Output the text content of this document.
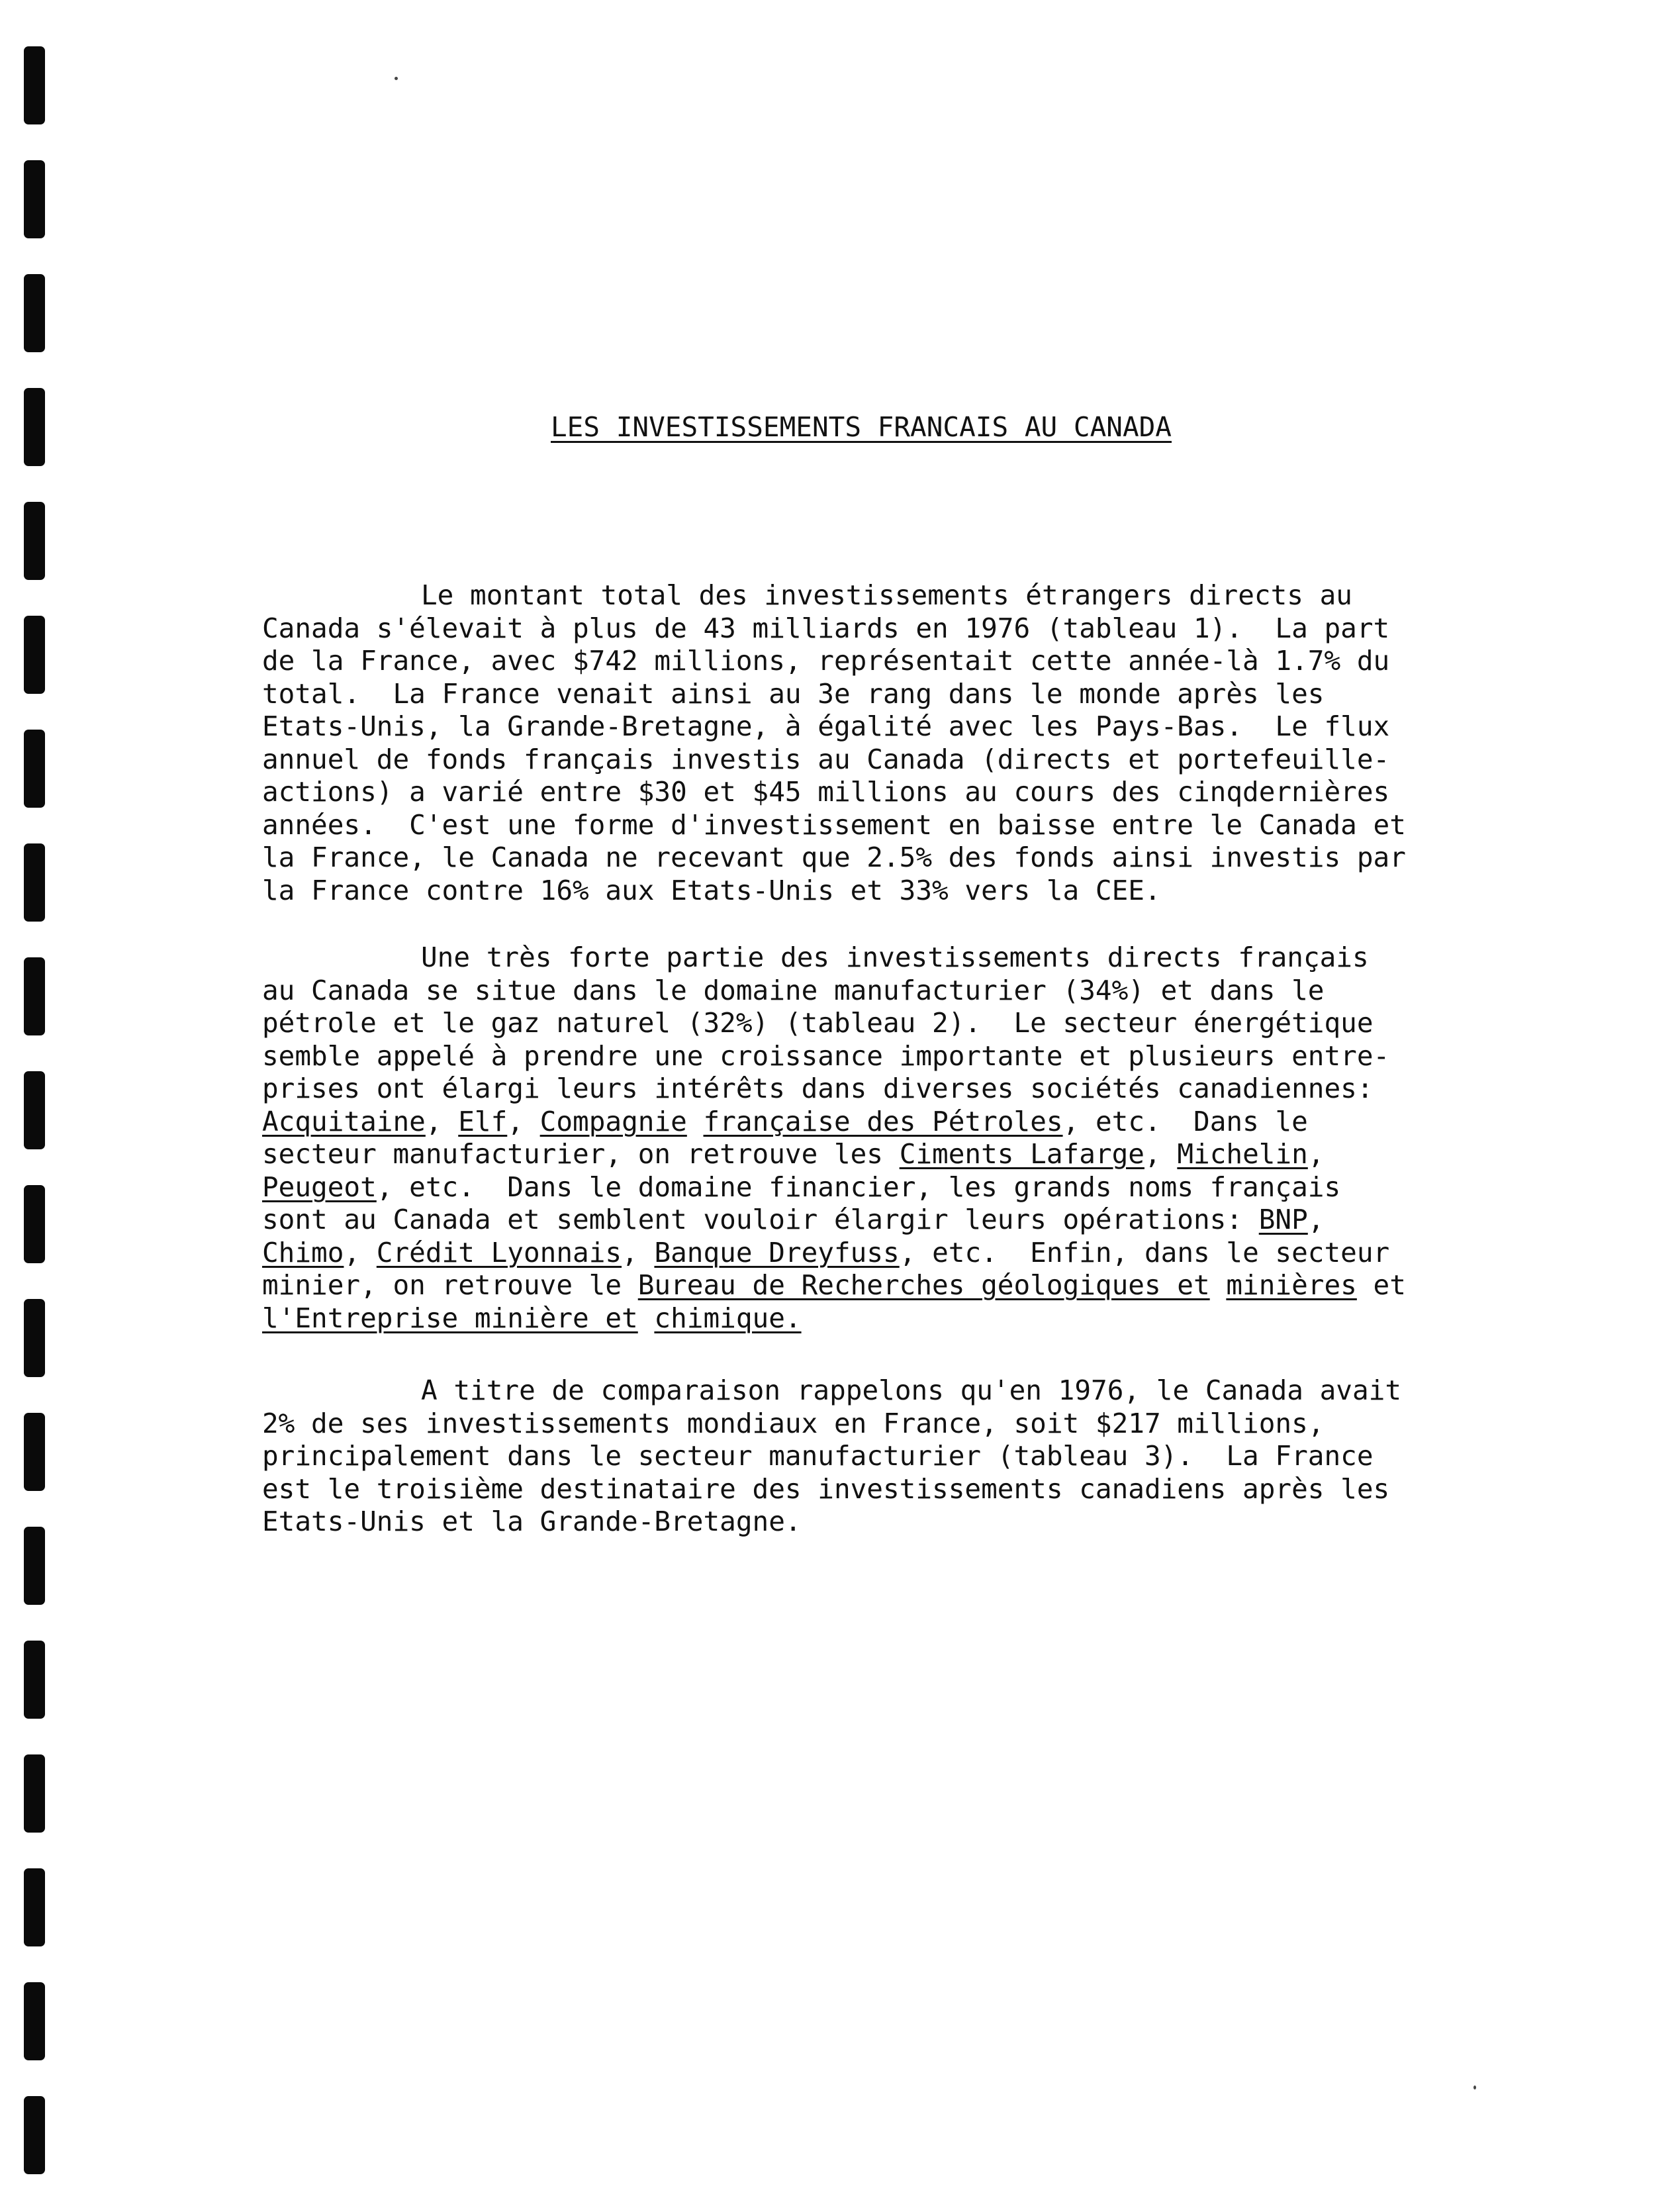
LES INVESTISSEMENTS FRANCAIS AU CANADA
Le montant total des investissements étrangers directs au
Canada s'élevait à plus de 43 milliards en 1976 (tableau 1).  La part
de la France, avec $742 millions, représentait cette année-là 1.7% du
total.  La France venait ainsi au 3e rang dans le monde après les
Etats-Unis, la Grande-Bretagne, à égalité avec les Pays-Bas.  Le flux
annuel de fonds français investis au Canada (directs et portefeuille-
actions) a varié entre $30 et $45 millions au cours des cinqdernières
années.  C'est une forme d'investissement en baisse entre le Canada et
la France, le Canada ne recevant que 2.5% des fonds ainsi investis par
la France contre 16% aux Etats-Unis et 33% vers la CEE.
Une très forte partie des investissements directs français
au Canada se situe dans le domaine manufacturier (34%) et dans le
pétrole et le gaz naturel (32%) (tableau 2).  Le secteur énergétique
semble appelé à prendre une croissance importante et plusieurs entre-
prises ont élargi leurs intérêts dans diverses sociétés canadiennes:
Acquitaine, Elf, Compagnie française des Pétroles, etc.  Dans le
secteur manufacturier, on retrouve les Ciments Lafarge, Michelin,
Peugeot, etc.  Dans le domaine financier, les grands noms français
sont au Canada et semblent vouloir élargir leurs opérations: BNP,
Chimo, Crédit Lyonnais, Banque Dreyfuss, etc.  Enfin, dans le secteur
minier, on retrouve le Bureau de Recherches géologiques et minières et
l'Entreprise minière et chimique.
A titre de comparaison rappelons qu'en 1976, le Canada avait
2% de ses investissements mondiaux en France, soit $217 millions,
principalement dans le secteur manufacturier (tableau 3).  La France
est le troisième destinataire des investissements canadiens après les
Etats-Unis et la Grande-Bretagne.
